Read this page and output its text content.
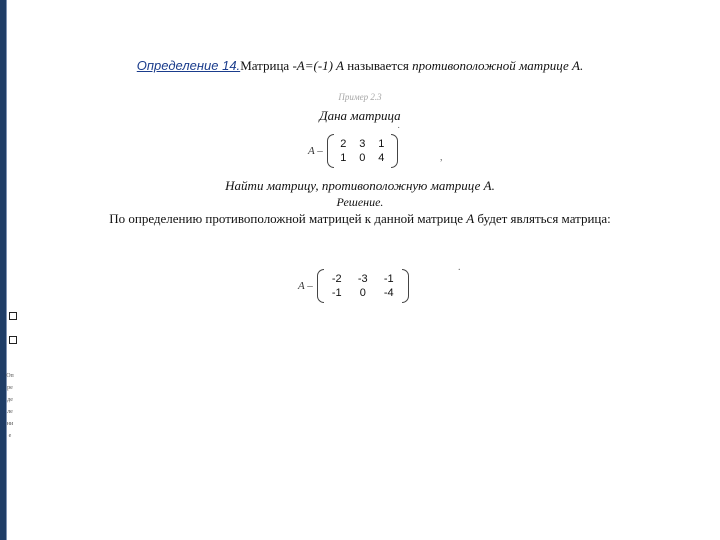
Определение 14.Матрица -A=(-1) A называется противоположной матрице А.
Пример 2.3
Дана матрица
A –
2	3	1
1	0	4
˙
,
Найти матрицу, противоположную матрице А.
Решение.
По определению противоположной матрицей к данной матрице А будет являться матрица:
A –
-2	-3	-1
-1	0	-4
.
Определение
